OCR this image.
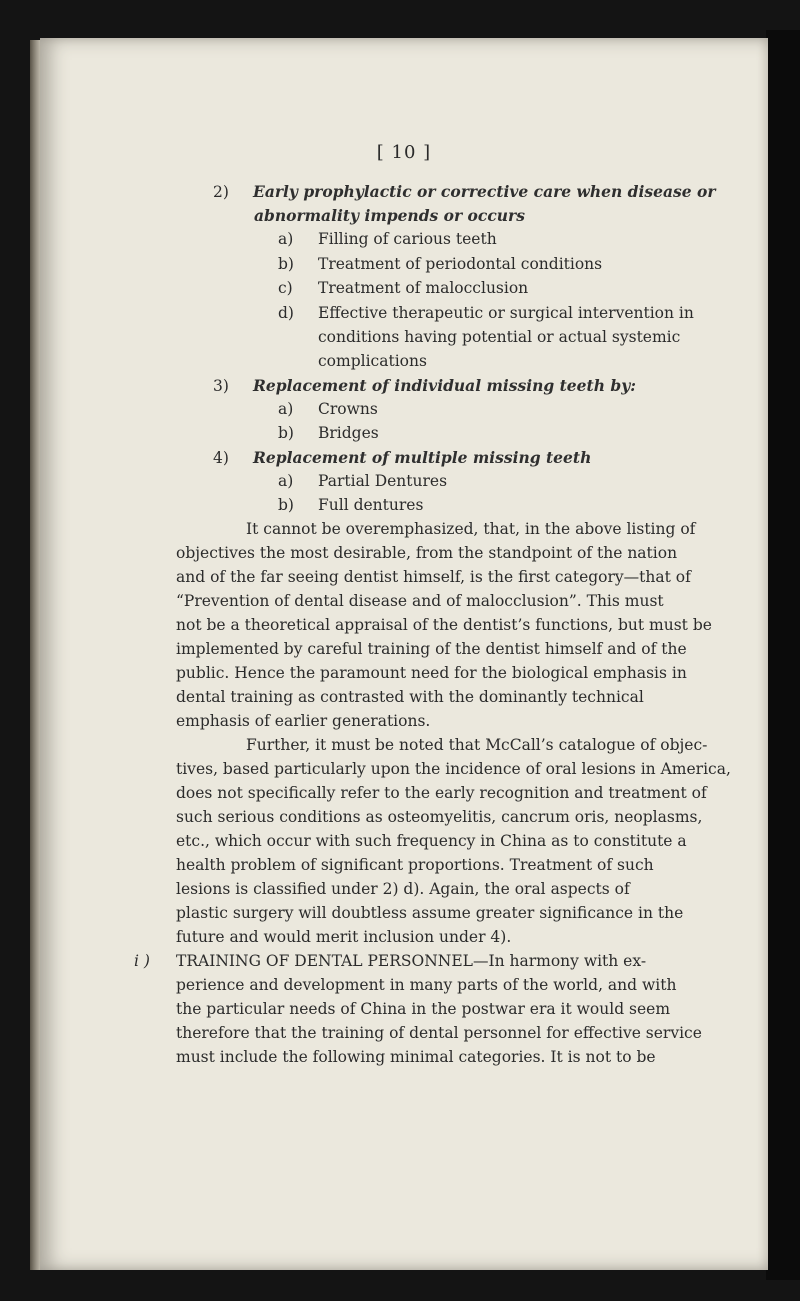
[ 10 ]
2) Early prophylactic or corrective care when disease or
abnormality impends or occurs
a) Filling of carious teeth
b) Treatment of periodontal conditions
c) Treatment of malocclusion
d) Effective therapeutic or surgical intervention in
conditions having potential or actual systemic
complications
3) Replacement of individual missing teeth by:
a) Crowns
b) Bridges
4) Replacement of multiple missing teeth
a) Partial Dentures
b) Full dentures
It cannot be overemphasized, that, in the above listing of
objectives the most desirable, from the standpoint of the nation
and of the far seeing dentist himself, is the first category—that of
“Prevention of dental disease and of malocclusion”. This must
not be a theoretical appraisal of the dentist’s functions, but must be
implemented by careful training of the dentist himself and of the
public. Hence the paramount need for the biological emphasis in
dental training as contrasted with the dominantly technical
emphasis of earlier generations.
Further, it must be noted that McCall’s catalogue of objec-
tives, based particularly upon the incidence of oral lesions in America,
does not specifically refer to the early recognition and treatment of
such serious conditions as osteomyelitis, cancrum oris, neoplasms,
etc., which occur with such frequency in China as to constitute a
health problem of significant proportions. Treatment of such
lesions is classified under 2) d). Again, the oral aspects of
plastic surgery will doubtless assume greater significance in the
future and would merit inclusion under 4).
i ) TRAINING OF DENTAL PERSONNEL—In harmony with ex-
perience and development in many parts of the world, and with
the particular needs of China in the postwar era it would seem
therefore that the training of dental personnel for effective service
must include the following minimal categories. It is not to be
